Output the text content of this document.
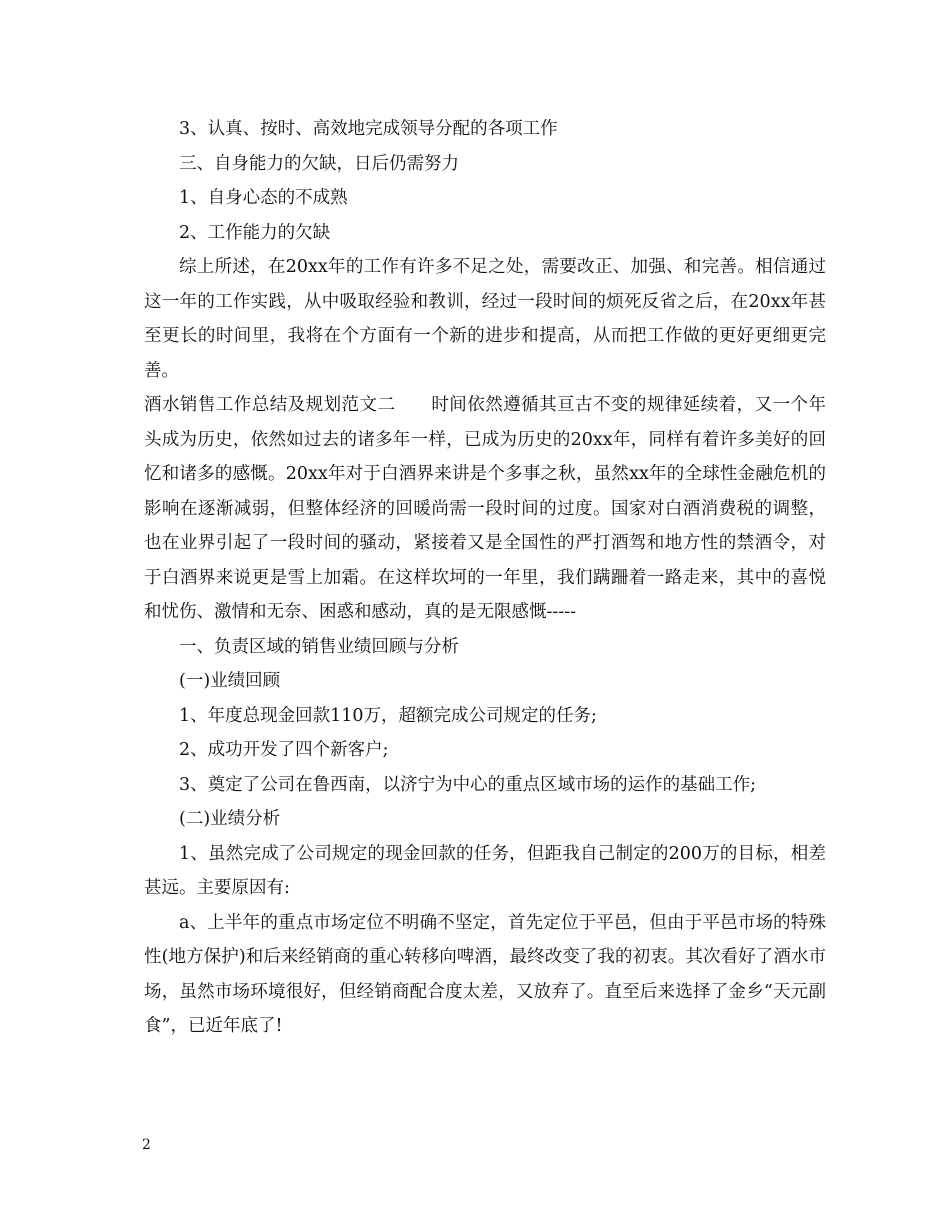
3、认真、按时、高效地完成领导分配的各项工作

三、自身能力的欠缺，日后仍需努力

1、自身心态的不成熟

2、工作能力的欠缺

综上所述，在20xx年的工作有许多不足之处，需要改正、加强、和完善。相信通过这一年的工作实践，从中吸取经验和教训，经过一段时间的烦死反省之后，在20xx年甚至更长的时间里，我将在个方面有一个新的进步和提高，从而把工作做的更好更细更完善。

酒水销售工作总结及规划范文二　　时间依然遵循其亘古不变的规律延续着，又一个年头成为历史，依然如过去的诸多年一样，已成为历史的20xx年，同样有着许多美好的回忆和诸多的感慨。20xx年对于白酒界来讲是个多事之秋，虽然xx年的全球性金融危机的影响在逐渐减弱，但整体经济的回暖尚需一段时间的过度。国家对白酒消费税的调整，也在业界引起了一段时间的骚动，紧接着又是全国性的严打酒驾和地方性的禁酒令，对于白酒界来说更是雪上加霜。在这样坎坷的一年里，我们蹒跚着一路走来，其中的喜悦和忧伤、激情和无奈、困惑和感动，真的是无限感慨-----

一、负责区域的销售业绩回顾与分析

(一)业绩回顾

1、年度总现金回款110万，超额完成公司规定的任务;

2、成功开发了四个新客户;

3、奠定了公司在鲁西南，以济宁为中心的重点区域市场的运作的基础工作;

(二)业绩分析

1、虽然完成了公司规定的现金回款的任务，但距我自己制定的200万的目标，相差甚远。主要原因有:

a、上半年的重点市场定位不明确不坚定，首先定位于平邑，但由于平邑市场的特殊性(地方保护)和后来经销商的重心转移向啤酒，最终改变了我的初衷。其次看好了酒水市场，虽然市场环境很好，但经销商配合度太差，又放弃了。直至后来选择了金乡“天元副食”，已近年底了!

2
